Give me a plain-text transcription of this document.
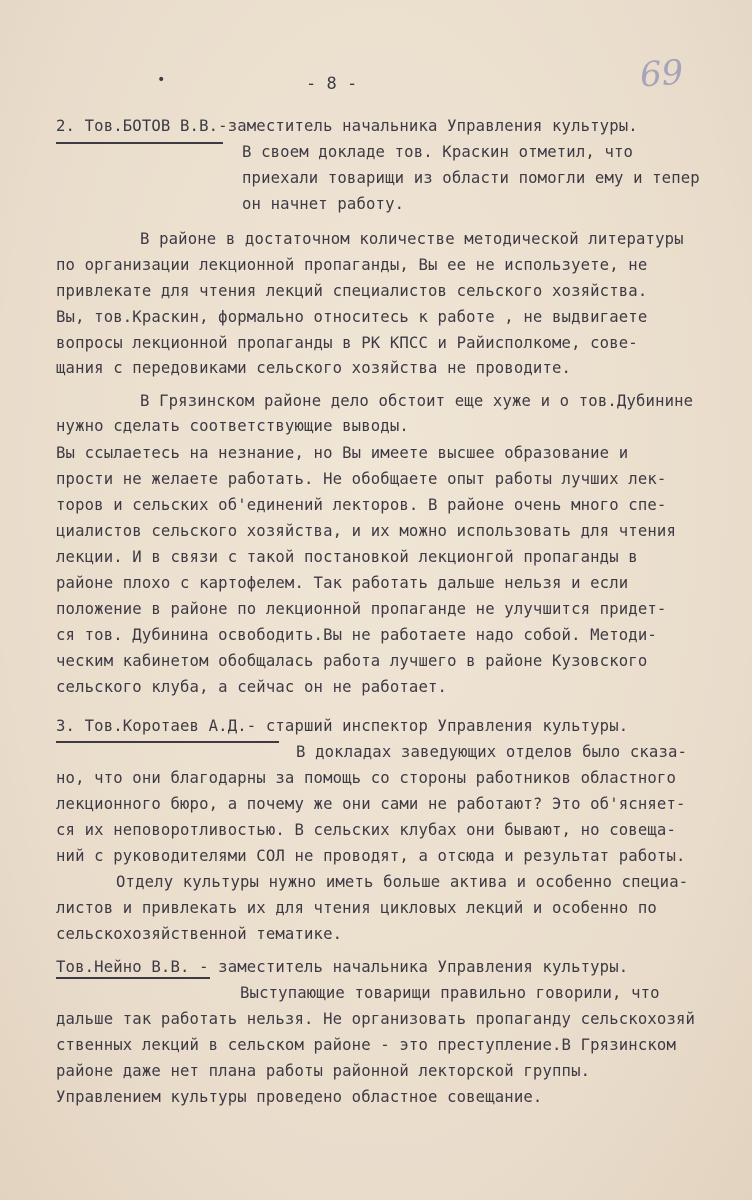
•	- 8 -	69
2. Тов.БОТОВ В.В.-заместитель начальника Управления культуры.
В своем докладе тов. Краскин отметил, что
приехали товарищи из области помогли ему и тепер
он начнет работу.
В районе в достаточном количестве методической литературы
по организации лекционной пропаганды, Вы ее не используете, не
привлекате для чтения лекций специалистов сельского хозяйства.
Вы, тов.Краскин, формально относитесь к работе , не выдвигаете
вопросы лекционной пропаганды в РК КПСС и Райисполкоме, сове-
щания с передовиками сельского хозяйства не проводите.
В Грязинском районе дело обстоит еще хуже и о тов.Дубинине
нужно сделать соответствующие выводы.
Вы ссылаетесь на незнание, но Вы имеете высшее образование и
прости не желаете работать. Не обобщаете опыт работы лучших лек-
торов и сельских об'единений лекторов. В районе очень много спе-
циалистов сельского хозяйства, и их можно использовать для чтения
лекции. И в связи с такой постановкой лекционгой пропаганды в
районе плохо с картофелем. Так работать дальше нельзя и если
положение в районе по лекционной пропаганде не улучшится придет-
ся тов. Дубинина освободить.Вы не работаете надо собой. Методи-
ческим кабинетом обобщалась работа лучшего в районе Кузовского
сельского клуба, а сейчас он не работает.
3. Тов.Коротаев А.Д.- старший инспектор Управления культуры.
В докладах заведующих отделов было сказа-
но, что они благодарны за помощь со стороны работников областного
лекционного бюро, а почему же они сами не работают? Это об'ясняет-
ся их неповоротливостью. В сельских клубах они бывают, но совеща-
ний с руководителями СОЛ не проводят, а отсюда и результат работы.
Отделу культуры нужно иметь больше актива и особенно специа-
листов и привлекать их для чтения цикловых лекций и особенно по
сельскохозяйственной тематике.
Тов.Нейно В.В. - заместитель начальника Управления культуры.
Выступающие товарищи правильно говорили, что
дальше так работать нельзя. Не организовать пропаганду сельскохозяй
ственных лекций в сельском районе - это преступление.В Грязинском
районе даже нет плана работы районной лекторской группы.
Управлением культуры проведено областное совещание.
